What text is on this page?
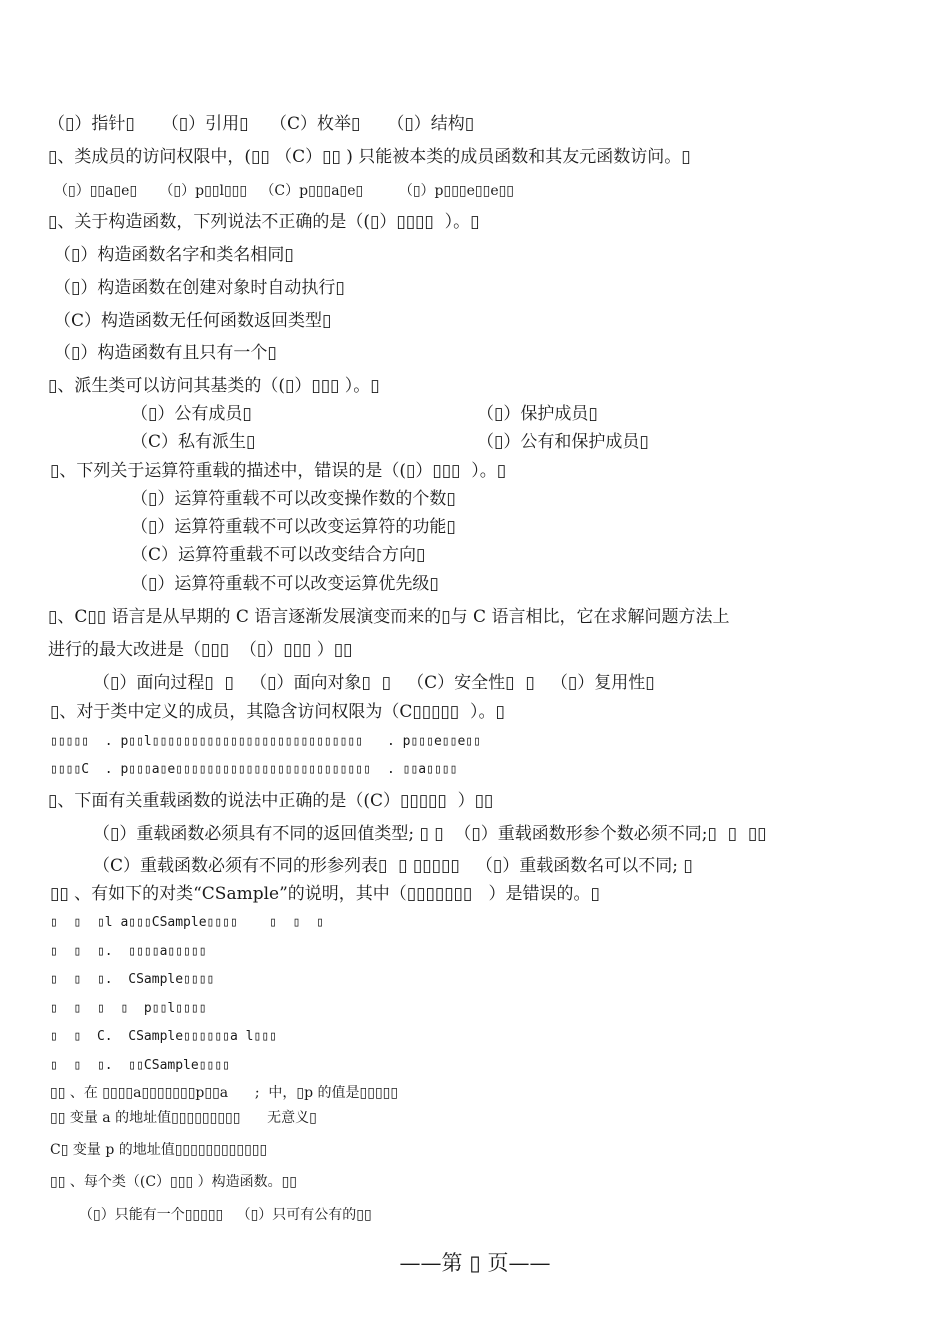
（▯）指针▯     （▯）引用▯    （C）枚举▯     （▯）结构▯
▯、类成员的访问权限中，(▯▯ （C）▯▯ ) 只能被本类的成员函数和其友元函数访问。▯
（▯）▯▯a▯e▯     （▯）p▯▯l▯▯▯   （C）p▯▯▯a▯e▯        （▯）p▯▯▯e▯▯e▯▯
▯、关于构造函数，下列说法不正确的是（(▯）▯▯▯▯  ）。▯
（▯）构造函数名字和类名相同▯
（▯）构造函数在创建对象时自动执行▯
（C）构造函数无任何函数返回类型▯
（▯）构造函数有且只有一个▯
▯、派生类可以访问其基类的（(▯）▯▯▯ ）。▯
（▯）公有成员▯	（▯）保护成员▯
（C）私有派生▯	（▯）公有和保护成员▯
▯、下列关于运算符重载的描述中，错误的是（(▯）▯▯▯  ）。▯
（▯）运算符重载不可以改变操作数的个数▯
（▯）运算符重载不可以改变运算符的功能▯
（C）运算符重载不可以改变结合方向▯
（▯）运算符重载不可以改变运算优先级▯
▯、C▯▯ 语言是从早期的 C 语言逐渐发展演变而来的▯与 C 语言相比，它在求解问题方法上
进行的最大改进是（▯▯▯  （▯）▯▯▯ ）▯▯
（▯）面向过程▯  ▯   （▯）面向对象▯  ▯   （C）安全性▯  ▯   （▯）复用性▯
▯、对于类中定义的成员，其隐含访问权限为（C▯▯▯▯▯  ）。▯
▯▯▯▯▯  . p▯▯l▯▯▯▯▯▯▯▯▯▯▯▯▯▯▯▯▯▯▯▯▯▯▯▯▯▯▯ . p▯▯▯e▯▯e▯▯
▯▯▯▯C  . p▯▯▯a▯e▯▯▯▯▯▯▯▯▯▯▯▯▯▯▯▯▯▯▯▯▯▯▯▯▯ . ▯▯a▯▯▯▯
▯、下面有关重载函数的说法中正确的是（(C）▯▯▯▯▯  ）▯▯
（▯）重载函数必须具有不同的返回值类型; ▯ ▯  （▯）重载函数形参个数必须不同;▯  ▯  ▯▯
（C）重载函数必须有不同的形参列表▯  ▯ ▯▯▯▯▯   （▯）重载函数名可以不同; ▯
▯▯ 、有如下的对类“CSample”的说明，其中（▯▯▯▯▯▯▯   ）是错误的。▯
▯  ▯  ▯l a▯▯▯CSample▯▯▯▯    ▯  ▯  ▯
▯  ▯  ▯.  ▯▯▯▯a▯▯▯▯▯
▯  ▯  ▯.  CSample▯▯▯▯
▯  ▯  ▯  ▯  p▯▯l▯▯▯▯
▯  ▯  C.  CSample▯▯▯▯▯▯a l▯▯▯
▯  ▯  ▯.  ▯▯CSample▯▯▯▯
▯▯ 、在 ▯▯▯▯a▯▯▯▯▯▯▯p▯▯a      ;  中，▯p 的值是▯▯▯▯▯
▯▯ 变量 a 的地址值▯▯▯▯▯▯▯▯▯      无意义▯
C▯ 变量 p 的地址值▯▯▯▯▯▯▯▯▯▯▯▯
▯▯ 、每个类（(C）▯▯▯ ）构造函数。▯▯
（▯）只能有一个▯▯▯▯▯   （▯）只可有公有的▯▯
——第 ▯ 页——
